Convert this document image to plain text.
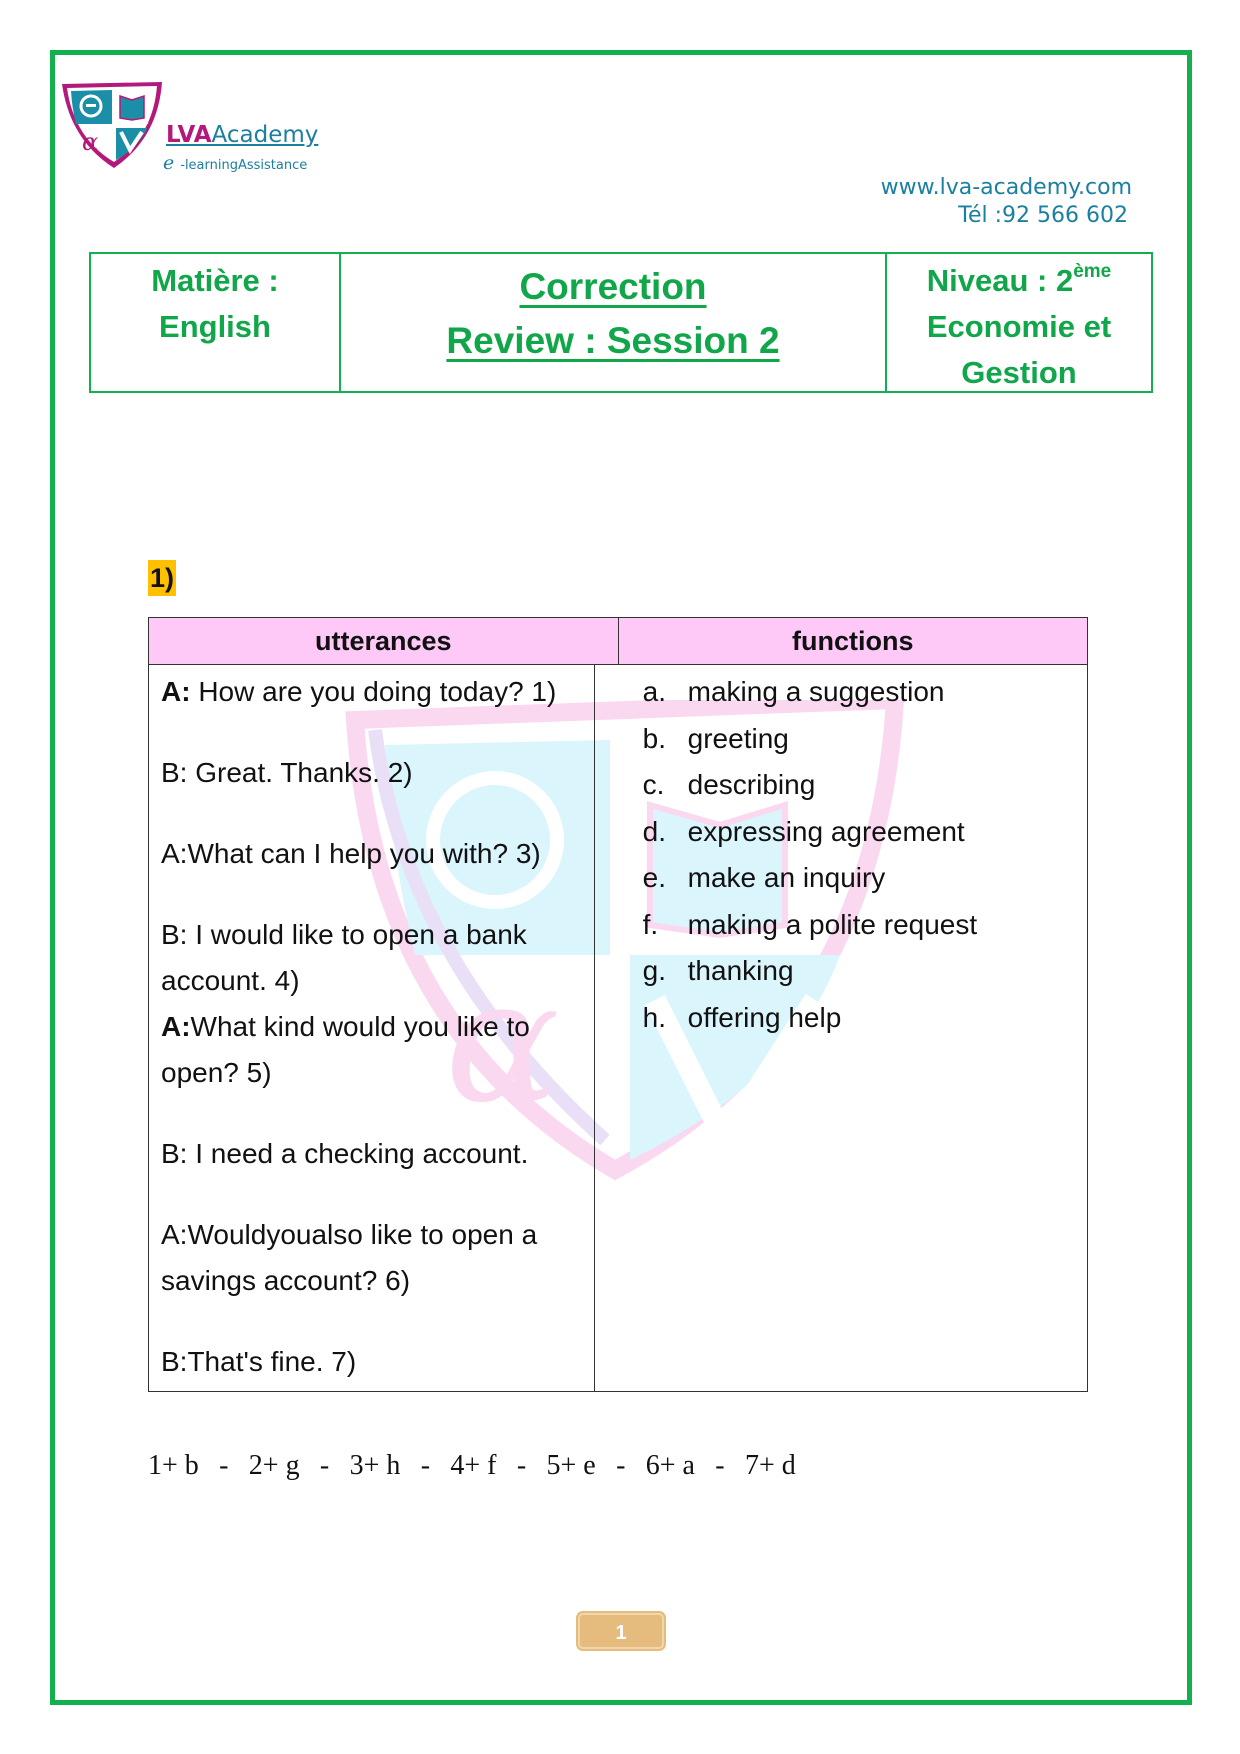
α	LVAAcademy
e -learningAssistance
www.lva-academy.com
Tél :92 566 602
Matière :
English
Correction
Review : Session 2
Niveau : 2ème
Economie et
Gestion
1)
α
utterances	functions
A: How are you doing today? 1)
B: Great. Thanks. 2)
A:What can I help you with? 3)
B: I would like to open a bank account. 4)
A:What kind would you like to open? 5)
B: I need a checking account.
A:Wouldyoualso like to open a savings account? 6)
B:That's fine. 7)
a. making a suggestion
b. greeting
c. describing
d. expressing agreement
e. make an inquiry
f.	making a polite request
g. thanking
h. offering help
1+ b - 2+ g - 3+ h - 4+ f - 5+ e - 6+ a - 7+ d
1
